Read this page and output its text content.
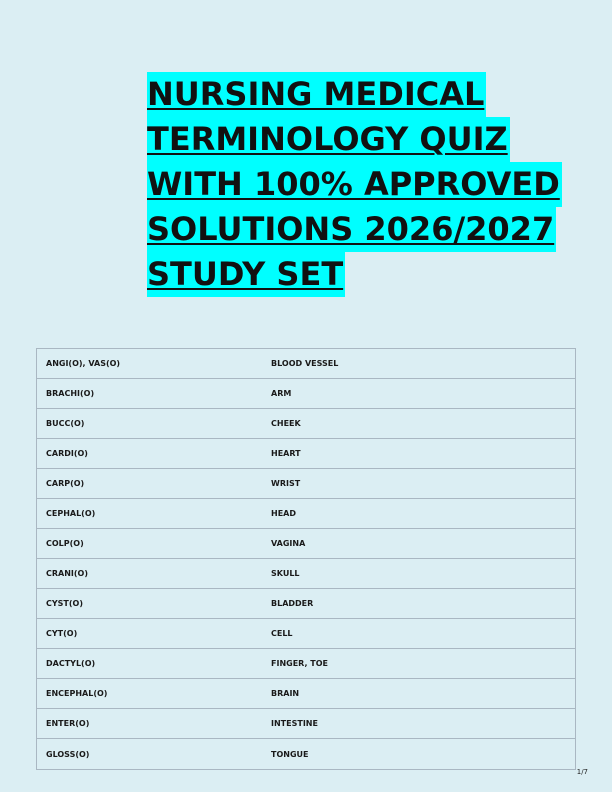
NURSING MEDICAL
TERMINOLOGY QUIZ
WITH 100% APPROVED
SOLUTIONS 2026/2027
STUDY SET
ANGI(O), VAS(O)	BLOOD VESSEL
BRACHI(O)	ARM
BUCC(O)	CHEEK
CARDI(O)	HEART
CARP(O)	WRIST
CEPHAL(O)	HEAD
COLP(O)	VAGINA
CRANI(O)	SKULL
CYST(O)	BLADDER
CYT(O)	CELL
DACTYL(O)	FINGER, TOE
ENCEPHAL(O)	BRAIN
ENTER(O)	INTESTINE
GLOSS(O)	TONGUE
1/7
